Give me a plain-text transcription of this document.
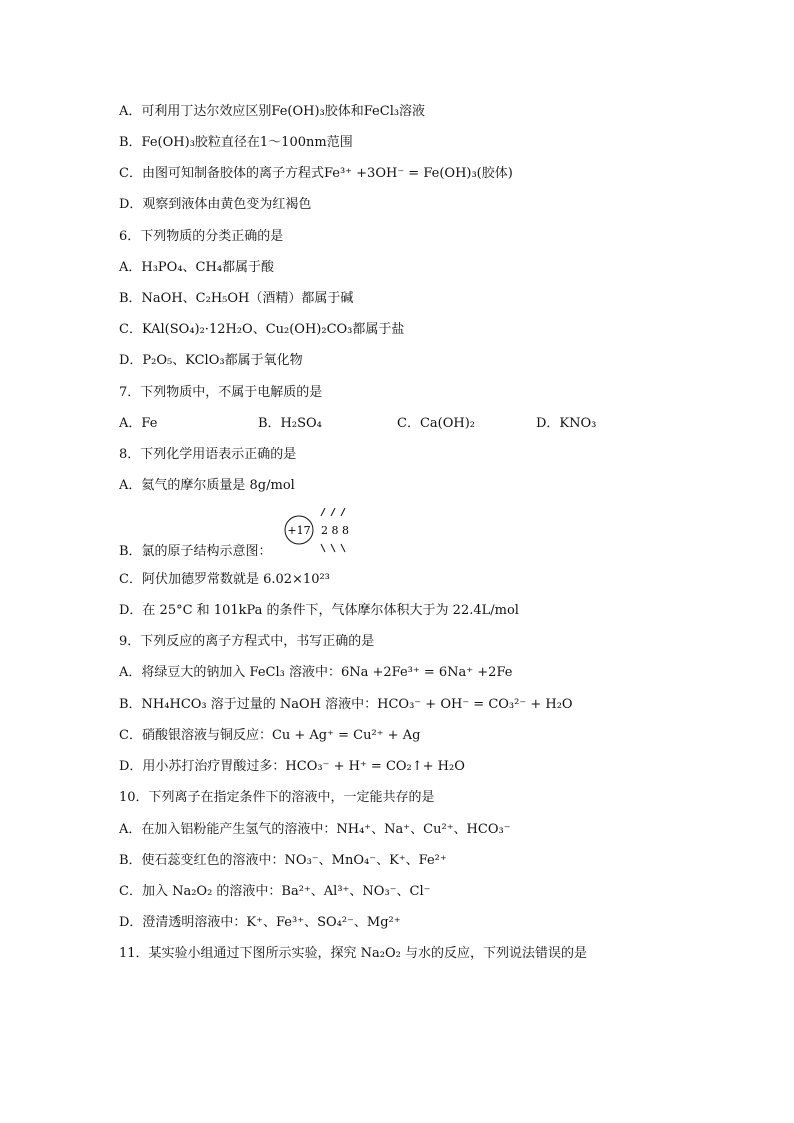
A．可利用丁达尔效应区别Fe(OH)₃胶体和FeCl₃溶液
B．Fe(OH)₃胶粒直径在1～100nm范围
C．由图可知制备胶体的离子方程式Fe³⁺ +3OH⁻ = Fe(OH)₃(胶体)
D．观察到液体由黄色变为红褐色
6．下列物质的分类正确的是
A．H₃PO₄、CH₄都属于酸
B．NaOH、C₂H₅OH（酒精）都属于碱
C．KAl(SO₄)₂·12H₂O、Cu₂(OH)₂CO₃都属于盐
D．P₂O₅、KClO₃都属于氧化物
7．下列物质中，不属于电解质的是
A．Fe	B．H₂SO₄	C．Ca(OH)₂	D．KNO₃
8．下列化学用语表示正确的是
A．氦气的摩尔质量是 8g/mol
+17 2 8 8
B．氯的原子结构示意图：
C．阿伏加德罗常数就是 6.02×10²³
D．在 25°C 和 101kPa 的条件下，气体摩尔体积大于为 22.4L/mol
9．下列反应的离子方程式中，书写正确的是
A．将绿豆大的钠加入 FeCl₃ 溶液中：6Na +2Fe³⁺ = 6Na⁺ +2Fe
B．NH₄HCO₃ 溶于过量的 NaOH 溶液中：HCO₃⁻ + OH⁻ = CO₃²⁻ + H₂O
C．硝酸银溶液与铜反应：Cu + Ag⁺ = Cu²⁺ + Ag
D．用小苏打治疗胃酸过多：HCO₃⁻ + H⁺ = CO₂↑+ H₂O
10．下列离子在指定条件下的溶液中，一定能共存的是
A．在加入铝粉能产生氢气的溶液中：NH₄⁺、Na⁺、Cu²⁺、HCO₃⁻
B．使石蕊变红色的溶液中：NO₃⁻、MnO₄⁻、K⁺、Fe²⁺
C．加入 Na₂O₂ 的溶液中：Ba²⁺、Al³⁺、NO₃⁻、Cl⁻
D．澄清透明溶液中：K⁺、Fe³⁺、SO₄²⁻、Mg²⁺
11．某实验小组通过下图所示实验，探究 Na₂O₂ 与水的反应，下列说法错误的是
